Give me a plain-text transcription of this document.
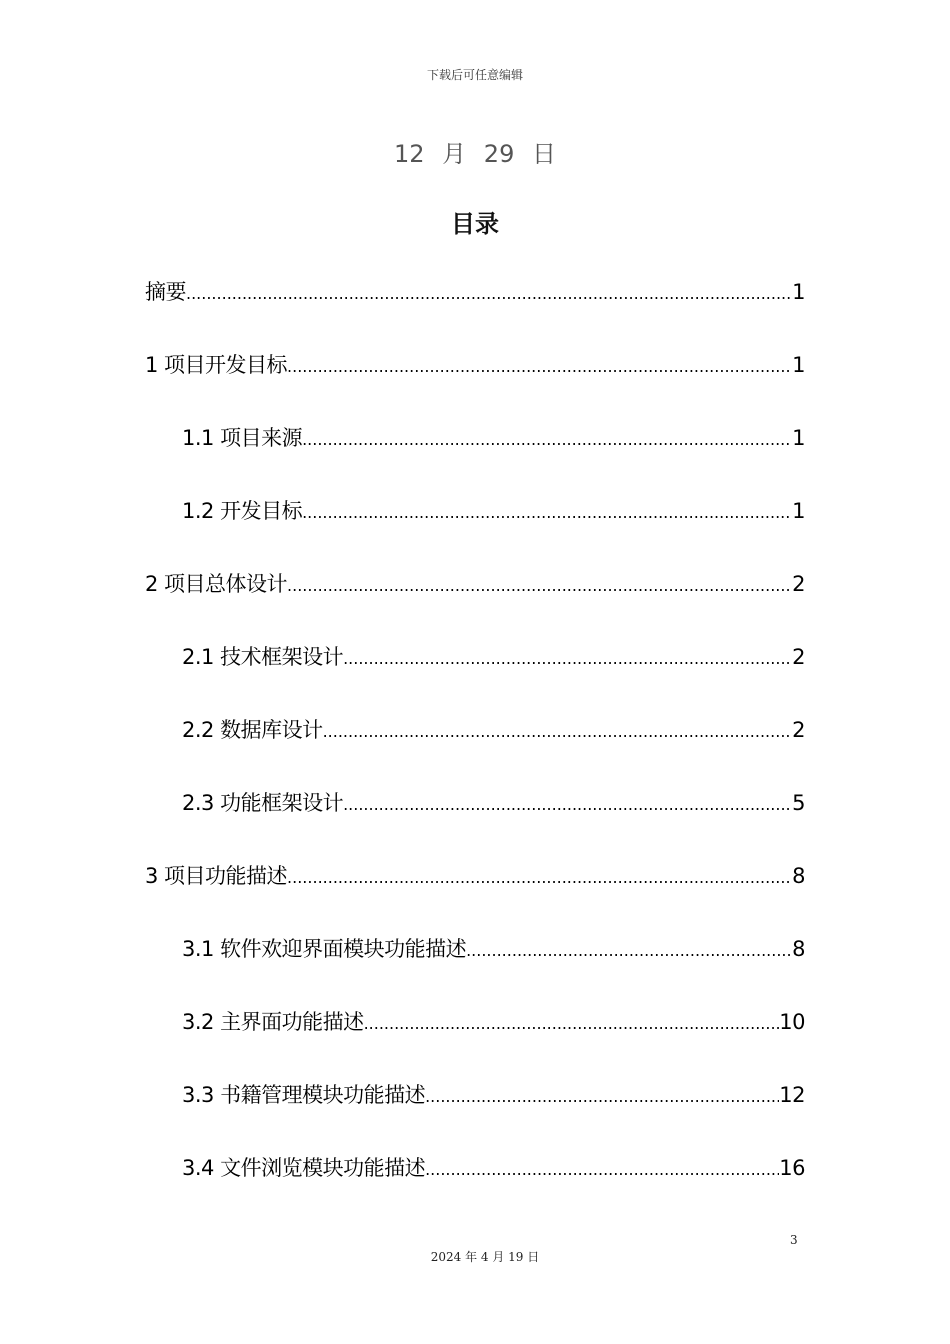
下载后可任意编辑
12 月 29 日
目录
摘要 .....	1
1 项目开发目标 .....	1
1.1 项目来源 .....	1
1.2 开发目标 .....	1
2 项目总体设计 .....	2
2.1 技术框架设计 .....	2
2.2 数据库设计 .....	2
2.3 功能框架设计 .....	5
3 项目功能描述 .....	8
3.1 软件欢迎界面模块功能描述 .....	8
3.2 主界面功能描述 .....	10
3.3 书籍管理模块功能描述 .....	12
3.4 文件浏览模块功能描述 .....	16
3
2024 年 4 月 19 日
